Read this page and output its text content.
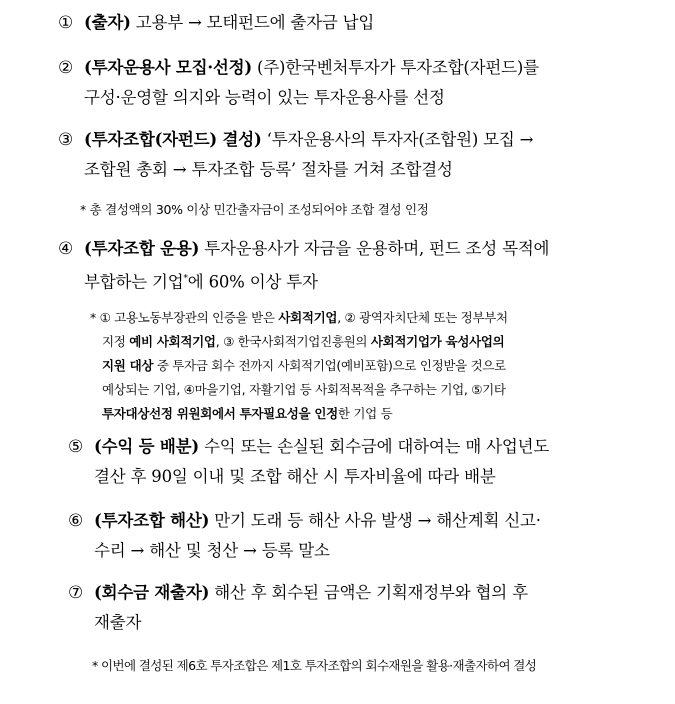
① (출자) 고용부 → 모태펀드에 출자금 납입
② (투자운용사 모집·선정) (주)한국벤처투자가 투자조합(자펀드)를
구성·운영할 의지와 능력이 있는 투자운용사를 선정
③ (투자조합(자펀드) 결성) ‘투자운용사의 투자자(조합원) 모집 →
조합원 총회 → 투자조합 등록’ 절차를 거쳐 조합결성
* 총 결성액의 30% 이상 민간출자금이 조성되어야 조합 결성 인정
④ (투자조합 운용) 투자운용사가 자금을 운용하며, 펀드 조성 목적에
부합하는 기업*에 60% 이상 투자
* ① 고용노동부장관의 인증을 받은 사회적기업, ② 광역자치단체 또는 정부부처
지정 예비 사회적기업, ③ 한국사회적기업진흥원의 사회적기업가 육성사업의
지원 대상 중 투자금 회수 전까지 사회적기업(예비포함)으로 인정받을 것으로
예상되는 기업, ④마을기업, 자활기업 등 사회적목적을 추구하는 기업, ⑤기타
투자대상선정 위원회에서 투자필요성을 인정한 기업 등
⑤ (수익 등 배분) 수익 또는 손실된 회수금에 대하여는 매 사업년도
결산 후 90일 이내 및 조합 해산 시 투자비율에 따라 배분
⑥ (투자조합 해산) 만기 도래 등 해산 사유 발생 → 해산계획 신고·
수리 → 해산 및 청산 → 등록 말소
⑦ (회수금 재출자) 해산 후 회수된 금액은 기획재정부와 협의 후
재출자
* 이번에 결성된 제6호 투자조합은 제1호 투자조합의 회수재원을 활용·재출자하여 결성
